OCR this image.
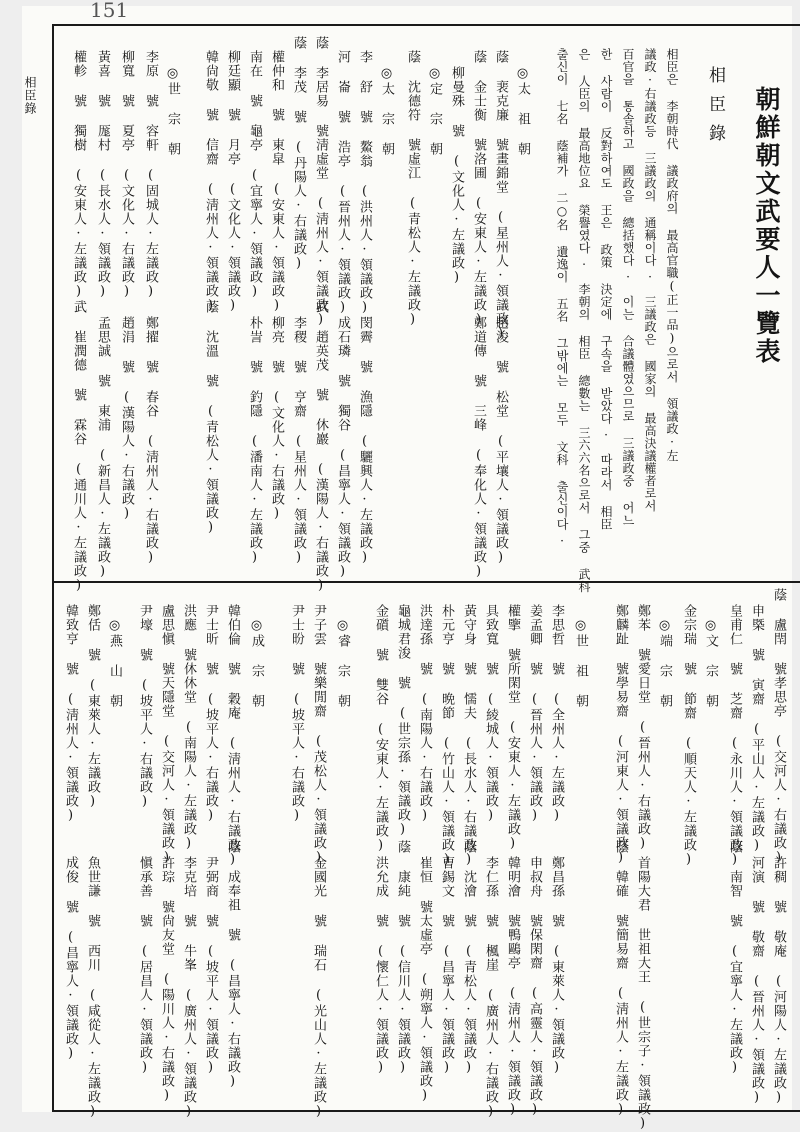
151
相臣錄	朝鮮朝文武要人一覽表
相臣錄
相臣은 李朝時代 議政府의 最高官職(正一品)으로서 領議政·左
議政·右議政등 三議政의 通稱이다. 三議政은 國家의 最高決議權者로서
百官을 통솔하고 國政을 總括했다. 이는 合議體였으므로 三議政중 어느
한 사람이 反對하여도 王은 政策 決定에 구속을 받았다. 따라서 相臣
은 人臣의 最高地位요 榮譽였다. 李朝의 相臣 總數는 三六六名으로서 그중 武科
출신이 七名 蔭補가 二○名 遺逸이 五名 그밖에는 모두 文科 출신이다.
◎太 祖 朝
蔭 裵克廉 號畫錦堂 (星州人·領議政)
蔭 金士衡 號洛圃 (安東人·左議政)
柳曼殊 號 (文化人·左議政)
◎定 宗 朝
蔭 沈德符 號虛江 (青松人·左議政)
◎太 宗 朝
李 舒 號 鰲翁 (洪州人·領議政)
河 崙 號 浩亭 (晉州人·領議政)
蔭 李居易 號淸虛堂 (淸州人·領議政)
蔭 李茂 號 (丹陽人·右議政)
權仲和 號 東皐 (安東人·領議政)
南在 號 龜亭 (宜寧人·領議政)
柳廷顯 號 月亭 (文化人·領議政)
韓尙敬 號 信齋 (淸州人·領議政)
◎世 宗 朝
李原 號 容軒 (固城人·左議政)
柳寬 號 夏亭 (文化人·右議政)
黃喜 號 厖村 (長水人·領議政)
權軫 號 獨樹 (安東人·左議政)
趙浚 號 松堂 (平壤人·領議政)
鄭道傳 號 三峰 (奉化人·領議政)
閔霽 號 漁隱 (驪興人·左議政)
成石璘 號 獨谷 (昌寧人·領議政)
武 趙英茂 號 休巖 (漢陽人·右議政)
李稷 號 亨齋 (星州人·領議政)
柳亮 號 (文化人·右議政)
朴訔 號 釣隱 (潘南人·左議政)
蔭 沈溫 號 (青松人·領議政)
鄭擢 號 春谷 (淸州人·右議政)
趙涓 號 (漢陽人·右議政)
孟思誠 號 東浦 (新昌人·左議政)
武 崔潤德 號 霖谷 (通川人·左議政)
蔭 盧閈 號孝思亭 (交河人·右議政)
申槩 號 寅齋 (平山人·左議政)
皇甫仁 號 芝齋 (永川人·領議政)
◎文 宗 朝
金宗瑞 號 節齋 (順天人·左議政)
◎端 宗 朝
鄭苯 號愛日堂 (晉州人·右議政)
鄭麟趾 號學易齋 (河東人·領議政)
◎世 祖 朝
李思哲 號 (全州人·左議政)
姜孟卿 號 (晉州人·領議政)
權擥 號所閑堂 (安東人·左議政)
具致寬 號 (綾城人·領議政)
黃守身 號 懦夫 (長水人·右議政)
朴元亨 號 晩節 (竹山人·領議政)
洪達孫 號 (南陽人·右議政)
龜城君浚 號 (世宗孫·領議政)
金礩 號 雙谷 (安東人·左議政)
◎睿 宗 朝
尹子雲 號樂閒齋 (茂松人·領議政)
尹士昐 號 (坡平人·右議政)
◎成 宗 朝
韓伯倫 號 穀庵 (淸州人·右議政)
尹士昕 號 (坡平人·右議政)
洪應 號休休堂 (南陽人·左議政)
盧思愼 號天隱堂 (交河人·領議政)
尹壕 號 (坡平人·右議政)
◎燕 山 朝
鄭佸 號 (東萊人·左議政)
韓致亨 號 (淸州人·領議政)
許稠 號 敬庵 (河陽人·左議政)
河演 號 敬齋 (晉州人·領議政)
蔭 南智 號 (宜寧人·左議政)
首陽大君 世祖大王 (世宗子·領議政)
蔭 韓確 號簡易齋 (淸州人·左議政)
鄭昌孫 號 (東萊人·領議政)
申叔舟 號保閑齋 (高靈人·領議政)
韓明澮 號鴨鷗亭 (淸州人·領議政)
李仁孫 號 楓崖 (廣州人·右議政)
蔭 沈澮 號 (青松人·領議政)
曺錫文 號 (昌寧人·領議政)
崔恒 號太虛亭 (朔寧人·領議政)
蔭 康純 號 (信川人·領議政)
洪允成 號 (懷仁人·領議政)
金國光 號 瑞石 (光山人·左議政)
蔭 成奉祖 號 (昌寧人·右議政)
尹弼商 號 (坡平人·領議政)
李克培 號 牛峯 (廣州人·領議政)
許琮 號尙友堂 (陽川人·右議政)
愼承善 號 (居昌人·領議政)
魚世謙 號 西川 (咸從人·左議政)
成俊 號 (昌寧人·領議政)
